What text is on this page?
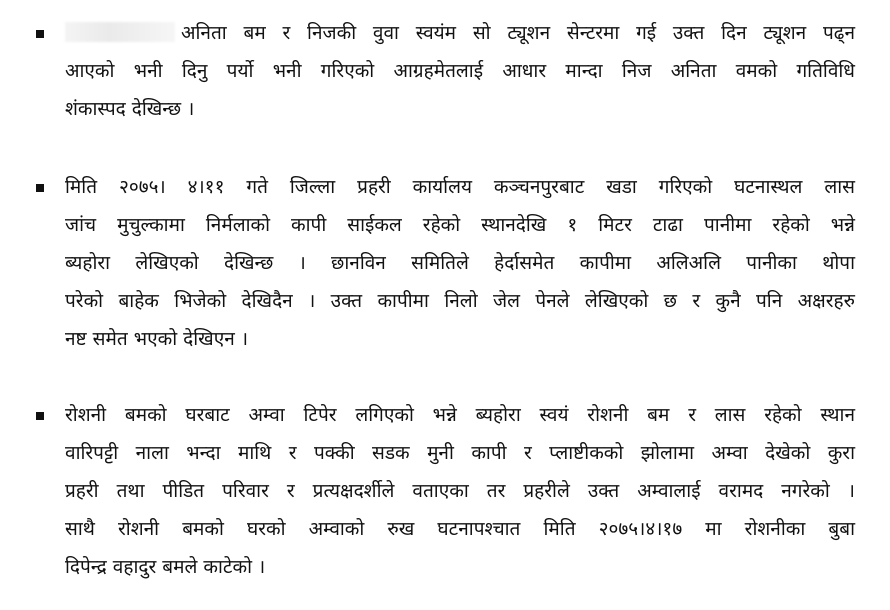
अनिता बम र निजकी वुवा स्वयंम सो ट्यूशन सेन्टरमा गई उक्त दिन ट्यूशन पढ्न
आएको भनी दिनु पर्यो भनी गरिएको आग्रहमेतलाई आधार मान्दा निज अनिता वमको गतिविधि
शंकास्पद देखिन्छ ।
मिति २०७५। ४।११ गते जिल्ला प्रहरी कार्यालय कञ्चनपुरबाट खडा गरिएको घटनास्थल लास
जांच मुचुल्कामा निर्मलाको कापी साईकल रहेको स्थानदेखि १ मिटर टाढा पानीमा रहेको भन्ने
ब्यहोरा लेखिएको देखिन्छ । छानविन समितिले हेर्दासमेत कापीमा अलिअलि पानीका थोपा
परेको बाहेक भिजेको देखिदैन । उक्त कापीमा निलो जेल पेनले लेखिएको छ र कुनै पनि अक्षरहरु
नष्ट समेत भएको देखिएन ।
रोशनी बमको घरबाट अम्वा टिपेर लगिएको भन्ने ब्यहोरा स्वयं रोशनी बम र लास रहेको स्थान
वारिपट्टी नाला भन्दा माथि र पक्की सडक मुनी कापी र प्लाष्टीकको झोलामा अम्वा देखेको कुरा
प्रहरी तथा पीडित परिवार र प्रत्यक्षदर्शीले वताएका तर प्रहरीले उक्त अम्वालाई वरामद नगरेको ।
साथै रोशनी बमको घरको अम्वाको रुख घटनापश्चात मिति २०७५।४।१७ मा रोशनीका बुबा
दिपेन्द्र वहादुर बमले काटेको ।
